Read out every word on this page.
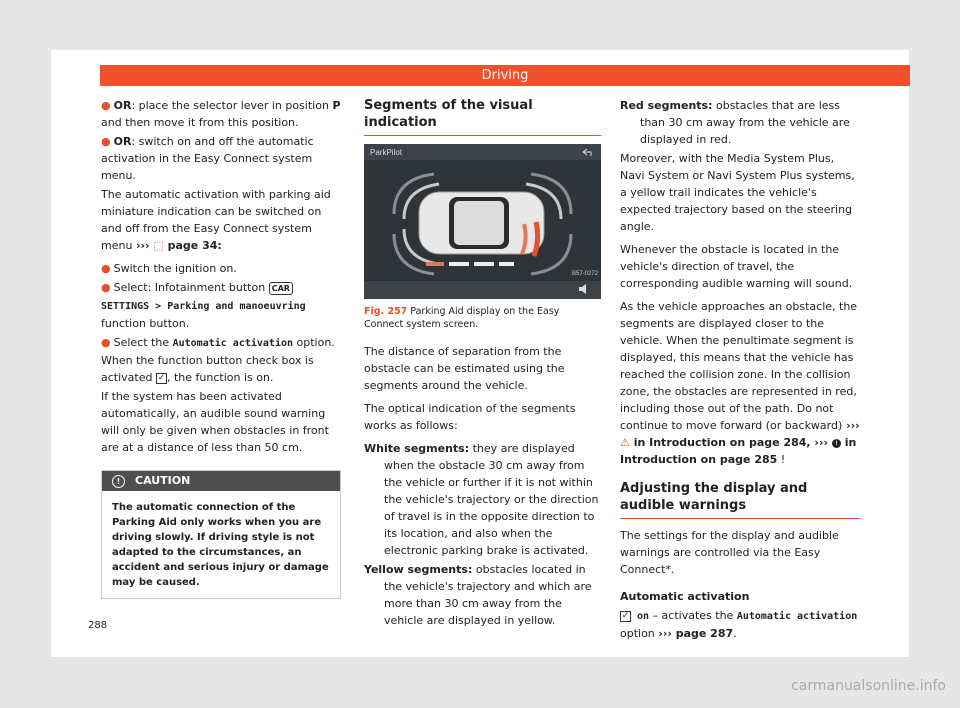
Driving

● OR: place the selector lever in position P and then move it from this position.

● OR: switch on and off the automatic activation in the Easy Connect system menu.

The automatic activation with parking aid miniature indication can be switched on and off from the Easy Connect system menu ››› ⬚ page 34:

● Switch the ignition on.

● Select: Infotainment button CAR SETTINGS > Parking and manoeuvring function button.

● Select the Automatic activation option. When the function button check box is activated ✓ , the function is on.

If the system has been activated automatically, an audible sound warning will only be given when obstacles in front are at a distance of less than 50 cm.

! CAUTION
The automatic connection of the Parking Aid only works when you are driving slowly. If driving style is not adapted to the circumstances, an accident and serious injury or damage may be caused.
Segments of the visual indication
ParkPilot
B57-0272
Fig. 257 Parking Aid display on the Easy Connect system screen.

The distance of separation from the obstacle can be estimated using the segments around the vehicle.

The optical indication of the segments works as follows:

White segments: they are displayed when the obstacle 30 cm away from the vehicle or further if it is not within the vehicle's trajectory or the direction of travel is in the opposite direction to its location, and also when the electronic parking brake is activated.

Yellow segments: obstacles located in the vehicle's trajectory and which are more than 30 cm away from the vehicle are displayed in yellow.

Red segments: obstacles that are less than 30 cm away from the vehicle are displayed in red.

Moreover, with the Media System Plus, Navi System or Navi System Plus systems, a yellow trail indicates the vehicle's expected trajectory based on the steering angle.

Whenever the obstacle is located in the vehicle's direction of travel, the corresponding audible warning will sound.

As the vehicle approaches an obstacle, the segments are displayed closer to the vehicle. When the penultimate segment is displayed, this means that the vehicle has reached the collision zone. In the collision zone, the obstacles are represented in red, including those out of the path. Do not continue to move forward (or backward) ››› ⚠ in Introduction on page 284, ››› i in Introduction on page 285 !

Adjusting the display and audible warnings

The settings for the display and audible warnings are controlled via the Easy Connect*.

Automatic activation

✓ on – activates the Automatic activation option ››› page 287.

288
carmanualsonline.info
